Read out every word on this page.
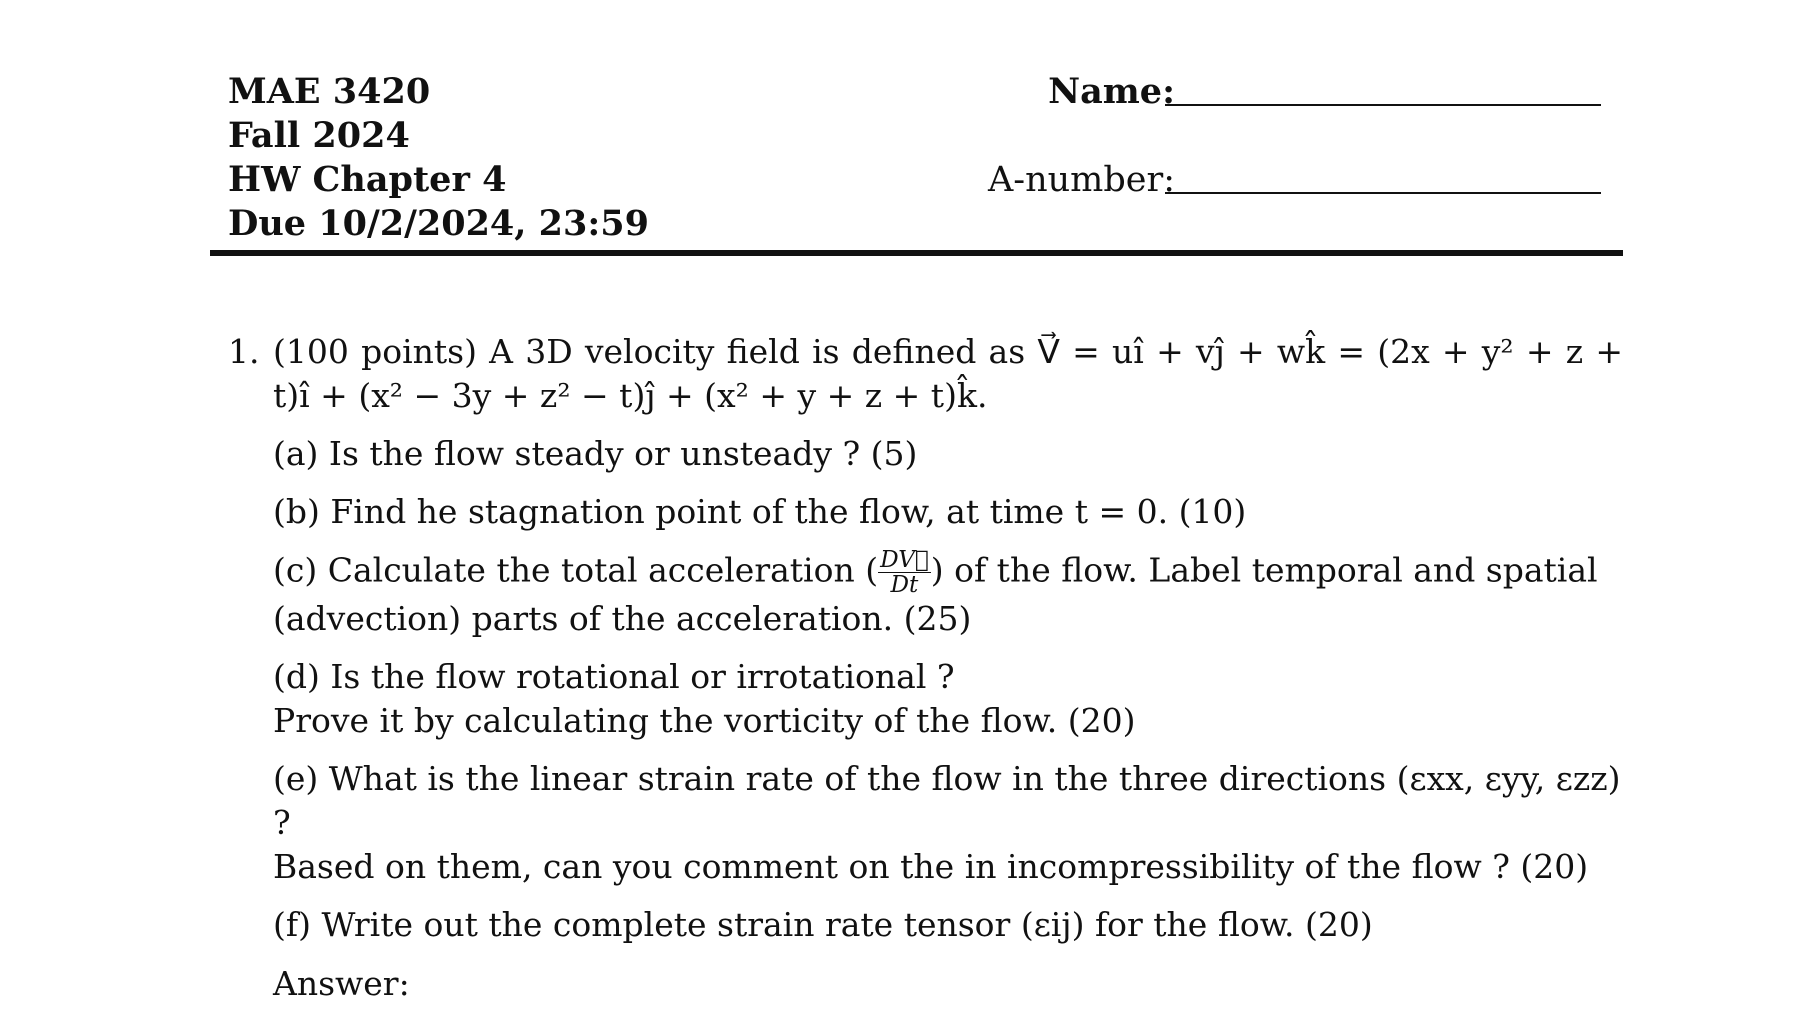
MAE 3420
Fall 2024
HW Chapter 4
Due 10/2/2024, 23:59
Name:
A-number:
1. (100 points) A 3D velocity field is defined as V⃗ = uî + vĵ + wk̂ = (2x + y² + z + t)î + (x² − 3y + z² − t)ĵ + (x² + y + z + t)k̂.
(a) Is the flow steady or unsteady ? (5)
(b) Find he stagnation point of the flow, at time t = 0. (10)
(c) Calculate the total acceleration ( $\frac{DV⃗}{Dt}$ ) of the flow. Label temporal and spatial (advection) parts of the acceleration. (25)
(d) Is the flow rotational or irrotational ?
Prove it by calculating the vorticity of the flow. (20)
(e) What is the linear strain rate of the flow in the three directions (εxx, εyy, εzz) ?
Based on them, can you comment on the in incompressibility of the flow ? (20)
(f) Write out the complete strain rate tensor (εij) for the flow. (20)
Answer:
